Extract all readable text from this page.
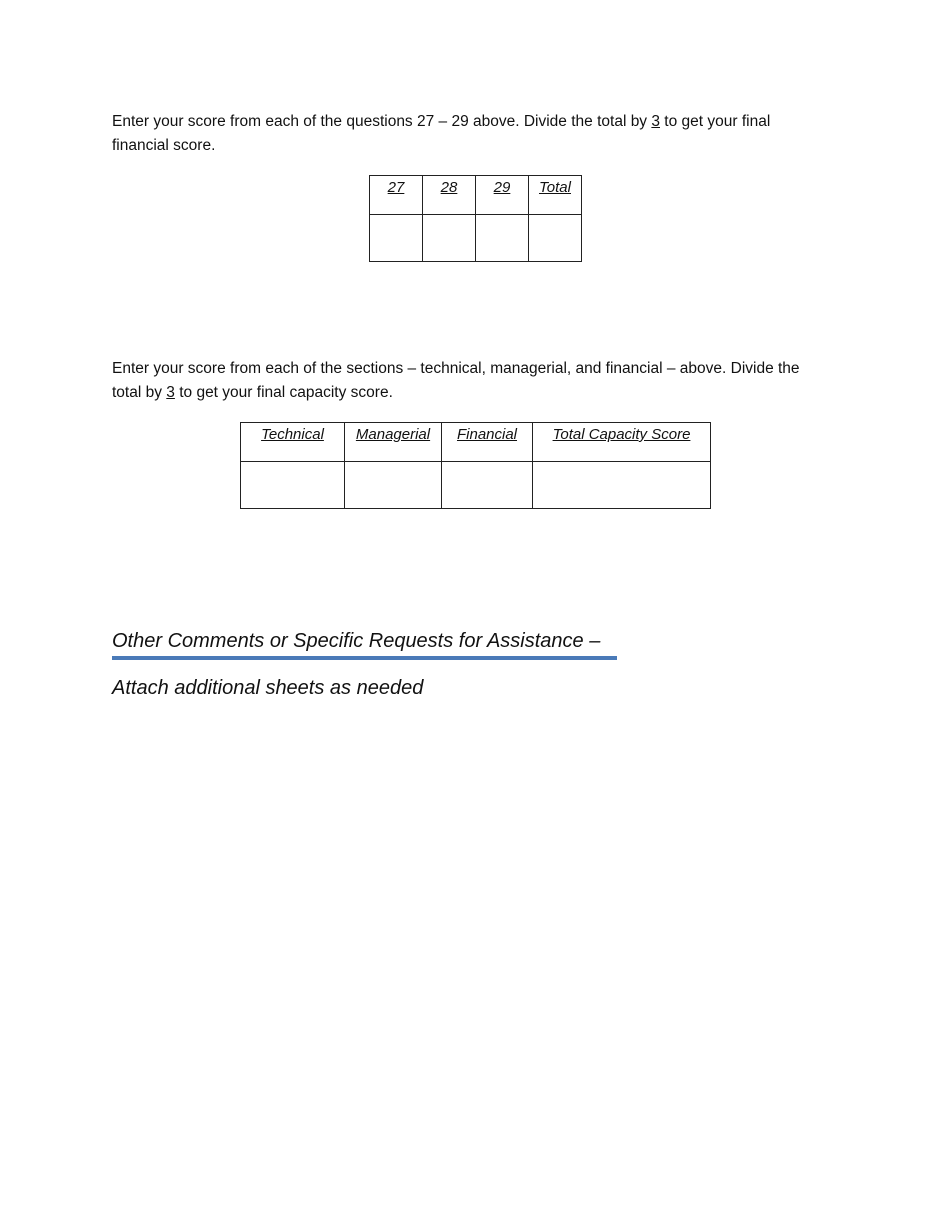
Enter your score from each of the questions 27 – 29 above. Divide the total by 3 to get your final financial score.

27	28	29	Total

Enter your score from each of the sections – technical, managerial, and financial – above. Divide the total by 3 to get your final capacity score.

Technical	Managerial	Financial	Total Capacity Score

Other Comments or Specific Requests for Assistance –
Attach additional sheets as needed
